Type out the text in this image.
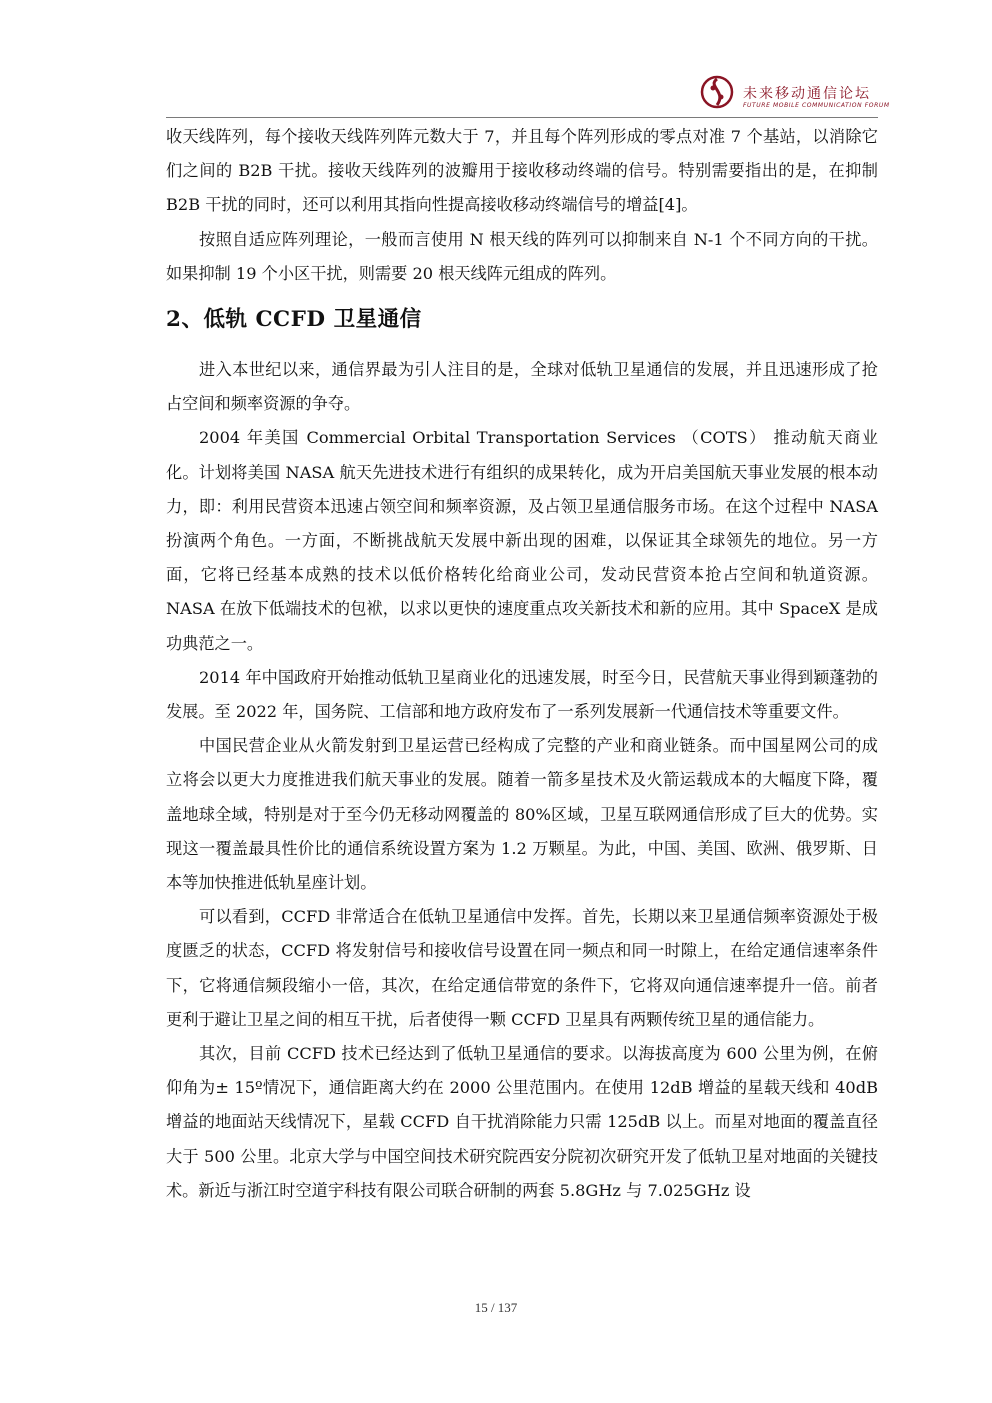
未来移动通信论坛
FUTURE MOBILE COMMUNICATION FORUM

收天线阵列，每个接收天线阵列阵元数大于 7，并且每个阵列形成的零点对准 7 个基站，以消除它们之间的 B2B 干扰。接收天线阵列的波瓣用于接收移动终端的信号。特别需要指出的是，在抑制 B2B 干扰的同时，还可以利用其指向性提高接收移动终端信号的增益[4]。

按照自适应阵列理论，一般而言使用 N 根天线的阵列可以抑制来自 N-1 个不同方向的干扰。如果抑制 19 个小区干扰，则需要 20 根天线阵元组成的阵列。

2、低轨 CCFD 卫星通信

进入本世纪以来，通信界最为引人注目的是，全球对低轨卫星通信的发展，并且迅速形成了抢占空间和频率资源的争夺。

2004 年美国 Commercial Orbital Transportation Services （COTS） 推动航天商业化。计划将美国 NASA 航天先进技术进行有组织的成果转化，成为开启美国航天事业发展的根本动力，即：利用民营资本迅速占领空间和频率资源，及占领卫星通信服务市场。在这个过程中 NASA 扮演两个角色。一方面，不断挑战航天发展中新出现的困难，以保证其全球领先的地位。另一方面，它将已经基本成熟的技术以低价格转化给商业公司，发动民营资本抢占空间和轨道资源。NASA 在放下低端技术的包袱，以求以更快的速度重点攻关新技术和新的应用。其中 SpaceX 是成功典范之一。

2014 年中国政府开始推动低轨卫星商业化的迅速发展，时至今日，民营航天事业得到颖蓬勃的发展。至 2022 年，国务院、工信部和地方政府发布了一系列发展新一代通信技术等重要文件。

中国民营企业从火箭发射到卫星运营已经构成了完整的产业和商业链条。而中国星网公司的成立将会以更大力度推进我们航天事业的发展。随着一箭多星技术及火箭运载成本的大幅度下降，覆盖地球全域，特别是对于至今仍无移动网覆盖的 80%区域，卫星互联网通信形成了巨大的优势。实现这一覆盖最具性价比的通信系统设置方案为 1.2 万颗星。为此，中国、美国、欧洲、俄罗斯、日本等加快推进低轨星座计划。

可以看到，CCFD 非常适合在低轨卫星通信中发挥。首先，长期以来卫星通信频率资源处于极度匮乏的状态，CCFD 将发射信号和接收信号设置在同一频点和同一时隙上，在给定通信速率条件下，它将通信频段缩小一倍，其次，在给定通信带宽的条件下，它将双向通信速率提升一倍。前者更利于避让卫星之间的相互干扰，后者使得一颗 CCFD 卫星具有两颗传统卫星的通信能力。

其次，目前 CCFD 技术已经达到了低轨卫星通信的要求。以海拔高度为 600 公里为例，在俯仰角为± 15º情况下，通信距离大约在 2000 公里范围内。在使用 12dB 增益的星载天线和 40dB 增益的地面站天线情况下，星载 CCFD 自干扰消除能力只需 125dB 以上。而星对地面的覆盖直径大于 500 公里。北京大学与中国空间技术研究院西安分院初次研究开发了低轨卫星对地面的关键技术。新近与浙江时空道宇科技有限公司联合研制的两套 5.8GHz 与 7.025GHz 设

15 / 137
